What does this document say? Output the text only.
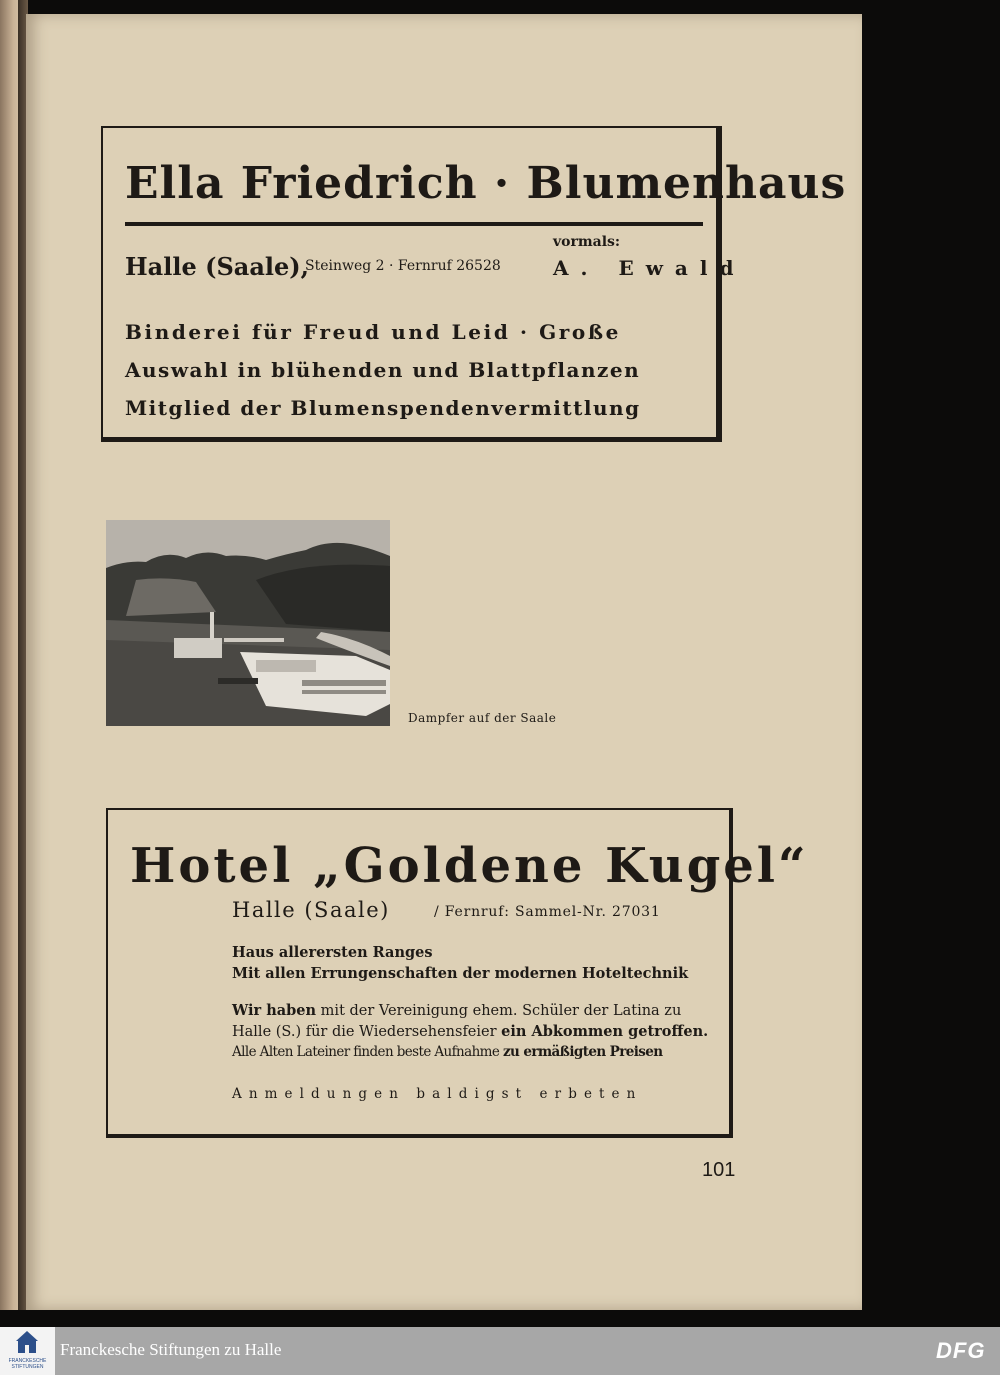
Ella Friedrich · Blumenhaus
vormals:
Halle (Saale),
Steinweg 2 · Fernruf 26528	A. Ewald
Binderei für Freud und Leid · Große
Auswahl in blühenden und Blattpflanzen
Mitglied der Blumenspendenvermittlung
Dampfer auf der Saale
Hotel „Goldene Kugel“
Halle (Saale)	/ Fernruf: Sammel-Nr. 27031
Haus allerersten Ranges
Mit allen Errungenschaften der modernen Hoteltechnik
Wir haben mit der Vereinigung ehem. Schüler der Latina zu
Halle (S.) für die Wiedersehensfeier ein Abkommen getroffen.
Alle Alten Lateiner finden beste Aufnahme zu ermäßigten Preisen
Anmeldungen baldigst erbeten
101
FRANCKESCHE STIFTUNGEN
Franckesche Stiftungen zu Halle	DFG
